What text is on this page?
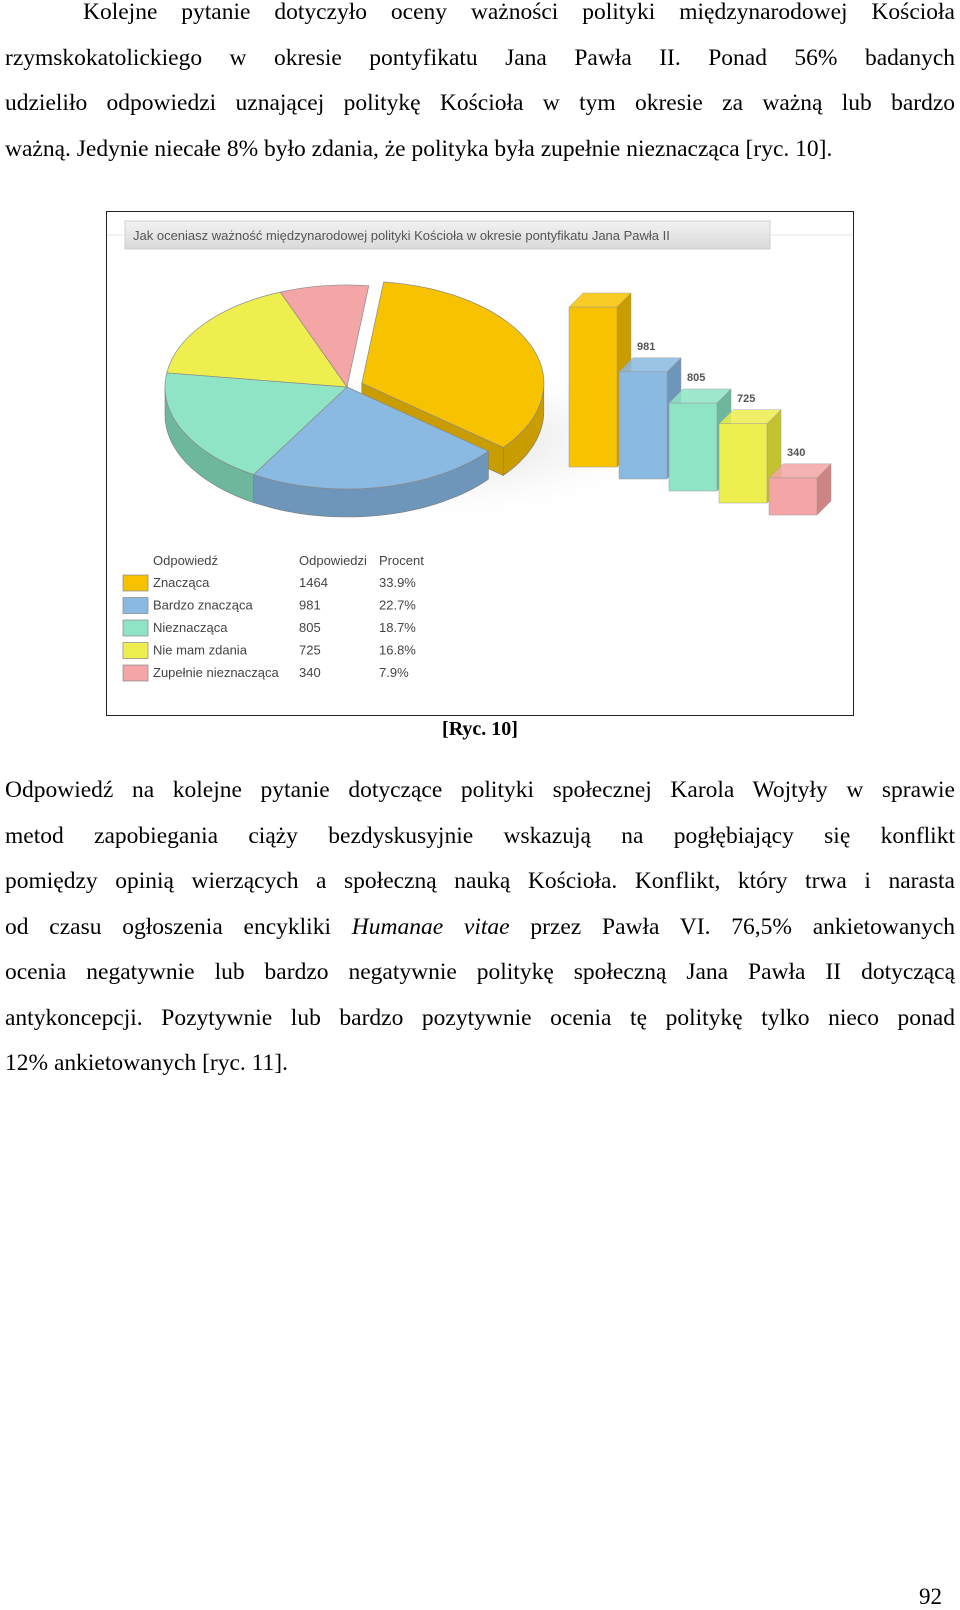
Kolejne pytanie dotyczyło oceny ważności polityki międzynarodowej Kościoła
rzymskokatolickiego w okresie pontyfikatu Jana Pawła II. Ponad 56% badanych
udzieliło odpowiedzi uznającej politykę Kościoła w tym okresie za ważną lub bardzo
ważną. Jedynie niecałe 8% było zdania, że polityka była zupełnie nieznacząca [ryc. 10].
Jak oceniasz ważność międzynarodowej polityki Kościoła w okresie pontyfikatu Jana Pawła II
981
805
725
340
Odpowiedź	Odpowiedzi Procent
Znacząca	1464	33.9%
Bardzo znacząca	981	22.7%
Nieznacząca	805	18.7%
Nie mam zdania	725	16.8%
Zupełnie nieznacząca 340	7.9%
[Ryc. 10]
Odpowiedź na kolejne pytanie dotyczące polityki społecznej Karola Wojtyły w sprawie
metod zapobiegania ciąży bezdyskusyjnie wskazują na pogłębiający się konflikt
pomiędzy opinią wierzących a społeczną nauką Kościoła. Konflikt, który trwa i narasta
od czasu ogłoszenia encykliki Humanae vitae przez Pawła VI. 76,5% ankietowanych
ocenia negatywnie lub bardzo negatywnie politykę społeczną Jana Pawła II dotyczącą
antykoncepcji. Pozytywnie lub bardzo pozytywnie ocenia tę politykę tylko nieco ponad
12% ankietowanych [ryc. 11].
92
